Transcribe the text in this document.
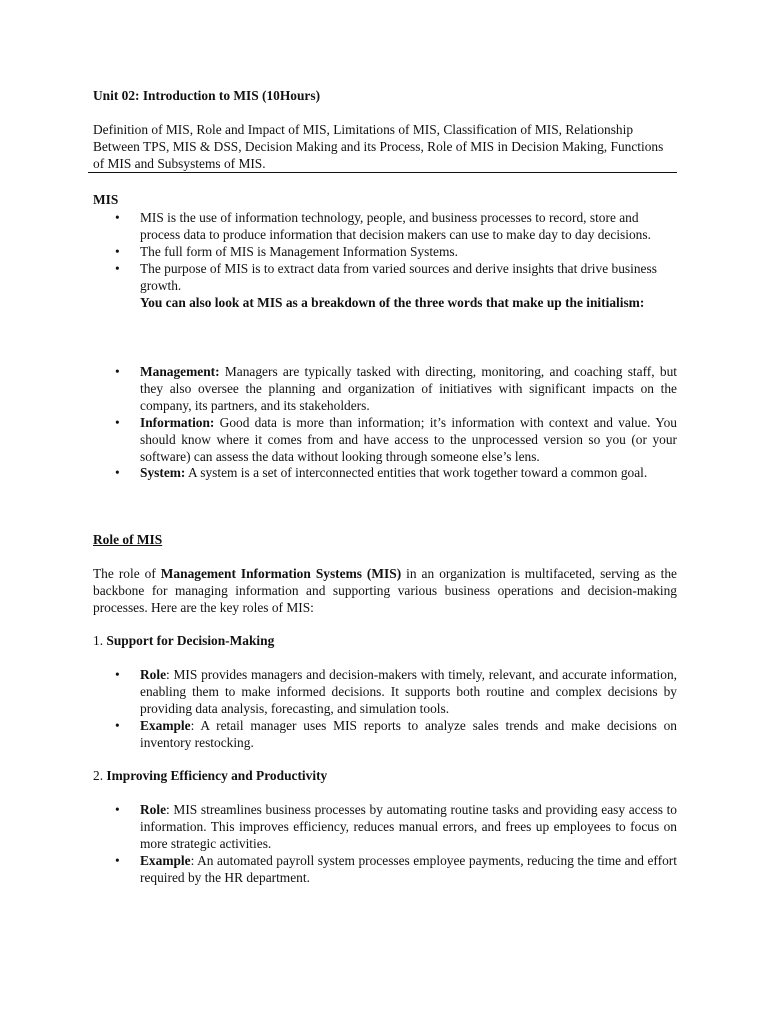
Unit 02: Introduction to MIS (10Hours)

Definition of MIS, Role and Impact of MIS, Limitations of MIS, Classification of MIS, Relationship Between TPS, MIS & DSS, Decision Making and its Process, Role of MIS in Decision Making, Functions of MIS and Subsystems of MIS.

MIS

• MIS is the use of information technology, people, and business processes to record, store and process data to produce information that decision makers can use to make day to day decisions.
• The full form of MIS is Management Information Systems.
• The purpose of MIS is to extract data from varied sources and derive insights that drive business growth.

You can also look at MIS as a breakdown of the three words that make up the initialism:

• Management: Managers are typically tasked with directing, monitoring, and coaching staff, but they also oversee the planning and organization of initiatives with significant impacts on the company, its partners, and its stakeholders.
• Information: Good data is more than information; it’s information with context and value. You should know where it comes from and have access to the unprocessed version so you (or your software) can assess the data without looking through someone else’s lens.
• System: A system is a set of interconnected entities that work together toward a common goal.

Role of MIS

The role of Management Information Systems (MIS) in an organization is multifaceted, serving as the backbone for managing information and supporting various business operations and decision-making processes. Here are the key roles of MIS:

1. Support for Decision-Making

• Role: MIS provides managers and decision-makers with timely, relevant, and accurate information, enabling them to make informed decisions. It supports both routine and complex decisions by providing data analysis, forecasting, and simulation tools.
• Example: A retail manager uses MIS reports to analyze sales trends and make decisions on inventory restocking.

2. Improving Efficiency and Productivity

• Role: MIS streamlines business processes by automating routine tasks and providing easy access to information. This improves efficiency, reduces manual errors, and frees up employees to focus on more strategic activities.
• Example: An automated payroll system processes employee payments, reducing the time and effort required by the HR department.
